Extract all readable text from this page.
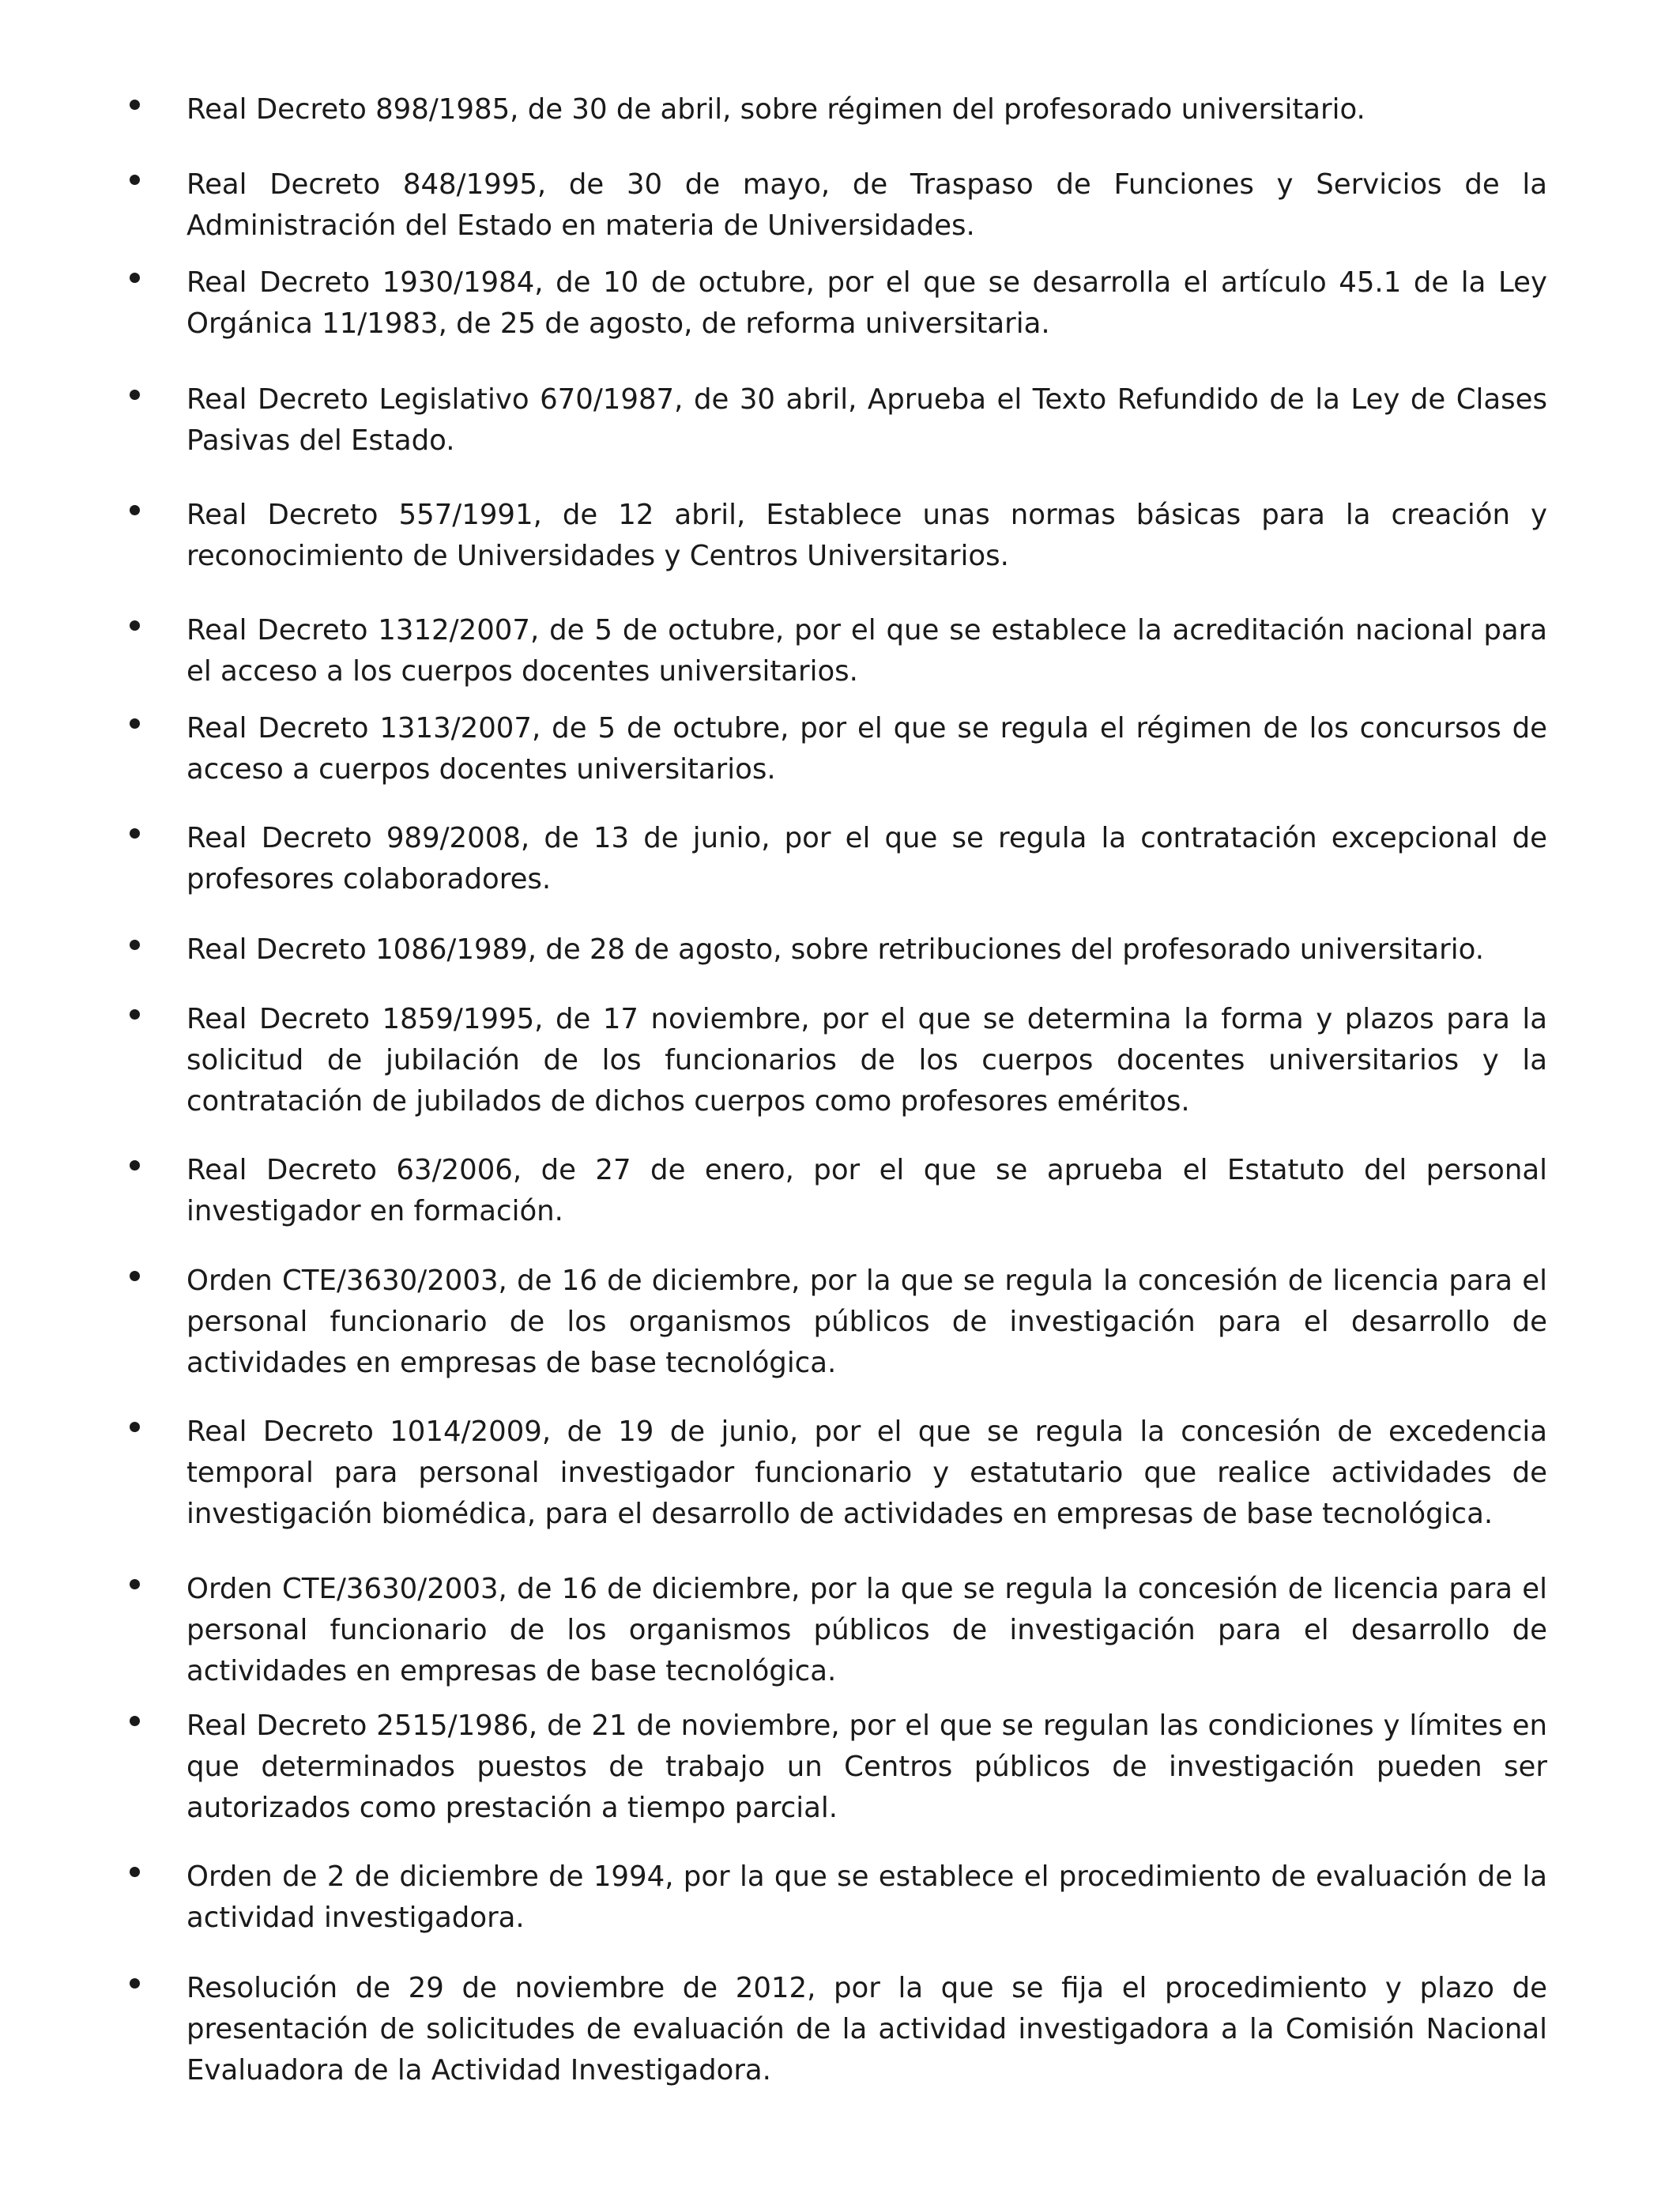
Real Decreto 898/1985, de 30 de abril, sobre régimen del profesorado universitario.

Real Decreto 848/1995, de 30 de mayo, de Traspaso de Funciones y Servicios de la Administración del Estado en materia de Universidades.

Real Decreto 1930/1984, de 10 de octubre, por el que se desarrolla el artículo 45.1 de la Ley Orgánica 11/1983, de 25 de agosto, de reforma universitaria.

Real Decreto Legislativo 670/1987, de 30 abril, Aprueba el Texto Refundido de la Ley de Clases Pasivas del Estado.

Real Decreto 557/1991, de 12 abril, Establece unas normas básicas para la creación y reconocimiento de Universidades y Centros Universitarios.

Real Decreto 1312/2007, de 5 de octubre, por el que se establece la acreditación nacional para el acceso a los cuerpos docentes universitarios.

Real Decreto 1313/2007, de 5 de octubre, por el que se regula el régimen de los concursos de acceso a cuerpos docentes universitarios.

Real Decreto 989/2008, de 13 de junio, por el que se regula la contratación excepcional de profesores colaboradores.

Real Decreto 1086/1989, de 28 de agosto, sobre retribuciones del profesorado universitario.

Real Decreto 1859/1995, de 17 noviembre, por el que se determina la forma y plazos para la solicitud de jubilación de los funcionarios de los cuerpos docentes universitarios y la contratación de jubilados de dichos cuerpos como profesores eméritos.

Real Decreto 63/2006, de 27 de enero, por el que se aprueba el Estatuto del personal investigador en formación.

Orden CTE/3630/2003, de 16 de diciembre, por la que se regula la concesión de licencia para el personal funcionario de los organismos públicos de investigación para el desarrollo de actividades en empresas de base tecnológica.

Real Decreto 1014/2009, de 19 de junio, por el que se regula la concesión de excedencia temporal para personal investigador funcionario y estatutario que realice actividades de investigación biomédica, para el desarrollo de actividades en empresas de base tecnológica.

Orden CTE/3630/2003, de 16 de diciembre, por la que se regula la concesión de licencia para el personal funcionario de los organismos públicos de investigación para el desarrollo de actividades en empresas de base tecnológica.

Real Decreto 2515/1986, de 21 de noviembre, por el que se regulan las condiciones y límites en que determinados puestos de trabajo un Centros públicos de investigación pueden ser autorizados como prestación a tiempo parcial.

Orden de 2 de diciembre de 1994, por la que se establece el procedimiento de evaluación de la actividad investigadora.

Resolución de 29 de noviembre de 2012, por la que se fija el procedimiento y plazo de presentación de solicitudes de evaluación de la actividad investigadora a la Comisión Nacional Evaluadora de la Actividad Investigadora.
